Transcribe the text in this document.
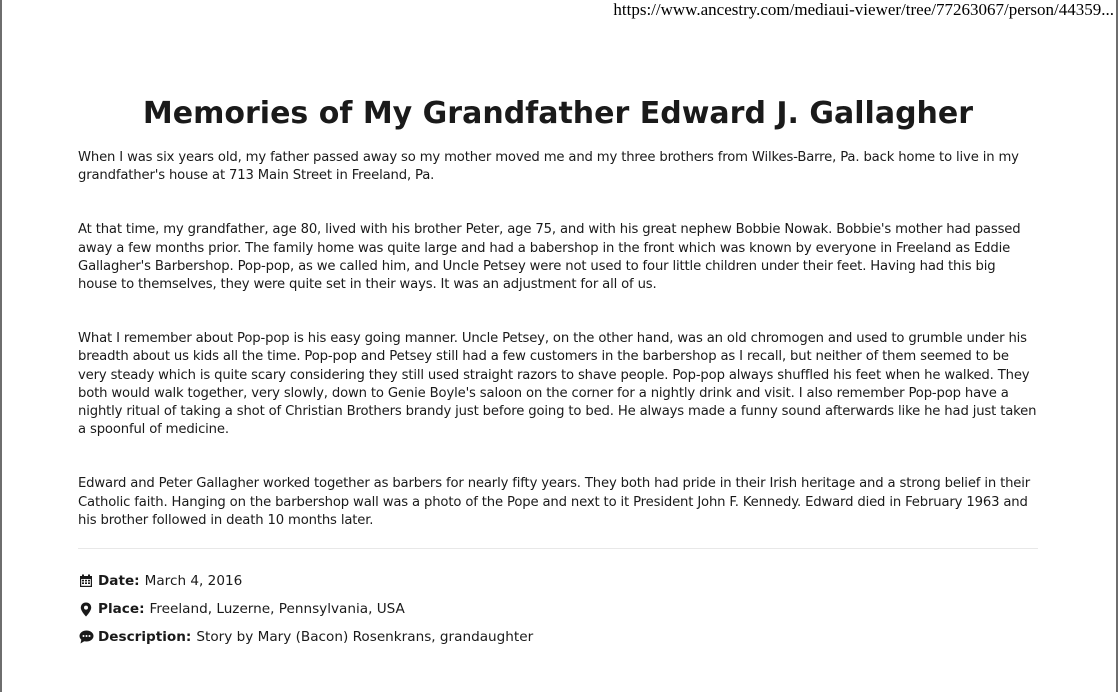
https://www.ancestry.com/mediaui-viewer/tree/77263067/person/44359...
Memories of My Grandfather Edward J. Gallagher

When I was six years old, my father passed away so my mother moved me and my three brothers from Wilkes-Barre, Pa. back home to live in my grandfather's house at 713 Main Street in Freeland, Pa.

At that time, my grandfather, age 80, lived with his brother Peter, age 75, and with his great nephew Bobbie Nowak. Bobbie's mother had passed away a few months prior. The family home was quite large and had a babershop in the front which was known by everyone in Freeland as Eddie Gallagher's Barbershop. Pop-pop, as we called him, and Uncle Petsey were not used to four little children under their feet. Having had this big house to themselves, they were quite set in their ways. It was an adjustment for all of us.

What I remember about Pop-pop is his easy going manner. Uncle Petsey, on the other hand, was an old chromogen and used to grumble under his breadth about us kids all the time. Pop-pop and Petsey still had a few customers in the barbershop as I recall, but neither of them seemed to be very steady which is quite scary considering they still used straight razors to shave people. Pop-pop always shuffled his feet when he walked. They both would walk together, very slowly, down to Genie Boyle's saloon on the corner for a nightly drink and visit. I also remember Pop-pop have a nightly ritual of taking a shot of Christian Brothers brandy just before going to bed. He always made a funny sound afterwards like he had just taken a spoonful of medicine.

Edward and Peter Gallagher worked together as barbers for nearly fifty years. They both had pride in their Irish heritage and a strong belief in their Catholic faith. Hanging on the barbershop wall was a photo of the Pope and next to it President John F. Kennedy. Edward died in February 1963 and his brother followed in death 10 months later.

Date: March 4, 2016
Place: Freeland, Luzerne, Pennsylvania, USA
Description: Story by Mary (Bacon) Rosenkrans, grandaughter
